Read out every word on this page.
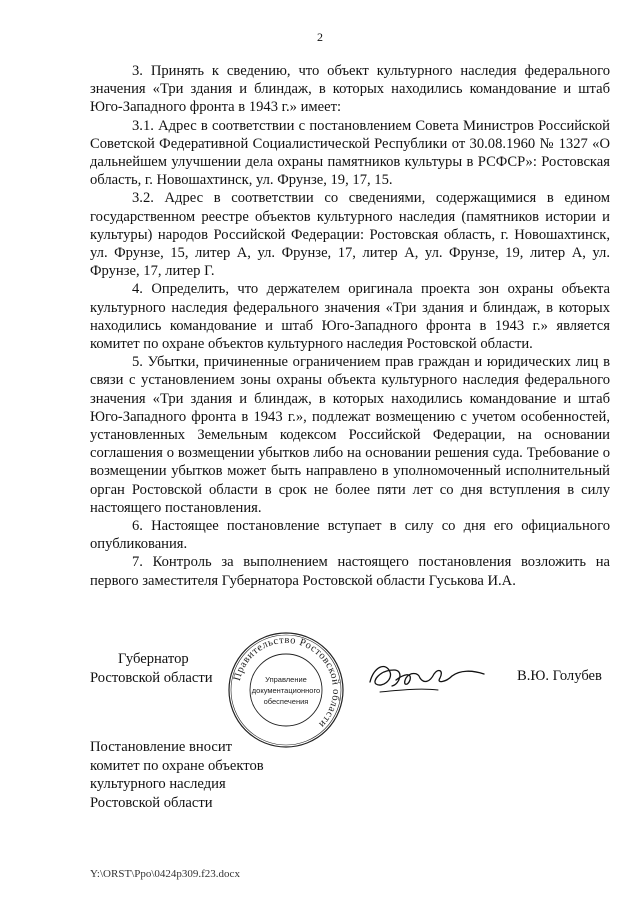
2

3. Принять к сведению, что объект культурного наследия федерального значения «Три здания и блиндаж, в которых находились командование и штаб Юго-Западного фронта в 1943 г.» имеет:

3.1. Адрес в соответствии с постановлением Совета Министров Российской Советской Федеративной Социалистической Республики от 30.08.1960 № 1327 «О дальнейшем улучшении дела охраны памятников культуры в РСФСР»: Ростовская область, г. Новошахтинск, ул. Фрунзе, 19, 17, 15.

3.2. Адрес в соответствии со сведениями, содержащимися в едином государственном реестре объектов культурного наследия (памятников истории и культуры) народов Российской Федерации: Ростовская область, г. Новошахтинск, ул. Фрунзе, 15, литер А, ул. Фрунзе, 17, литер А, ул. Фрунзе, 19, литер А, ул. Фрунзе, 17, литер Г.

4. Определить, что держателем оригинала проекта зон охраны объекта культурного наследия федерального значения «Три здания и блиндаж, в которых находились командование и штаб Юго-Западного фронта в 1943 г.» является комитет по охране объектов культурного наследия Ростовской области.

5. Убытки, причиненные ограничением прав граждан и юридических лиц в связи с установлением зоны охраны объекта культурного наследия федерального значения «Три здания и блиндаж, в которых находились командование и штаб Юго-Западного фронта в 1943 г.», подлежат возмещению с учетом особенностей, установленных Земельным кодексом Российской Федерации, на основании соглашения о возмещении убытков либо на основании решения суда. Требование о возмещении убытков может быть направлено в уполномоченный исполнительный орган Ростовской области в срок не более пяти лет со дня вступления в силу настоящего постановления.

6. Настоящее постановление вступает в силу со дня его официального опубликования.

7. Контроль за выполнением настоящего постановления возложить на первого заместителя Губернатора Ростовской области Гуськова И.А.

Губернатор
Ростовской области Правительство Ростовской области
Управление
документационного
обеспечения
В.Ю. Голубев
Постановление вносит
комитет по охране объектов
культурного наследия
Ростовской области
Y:\ORST\Ppo\0424p309.f23.docx
